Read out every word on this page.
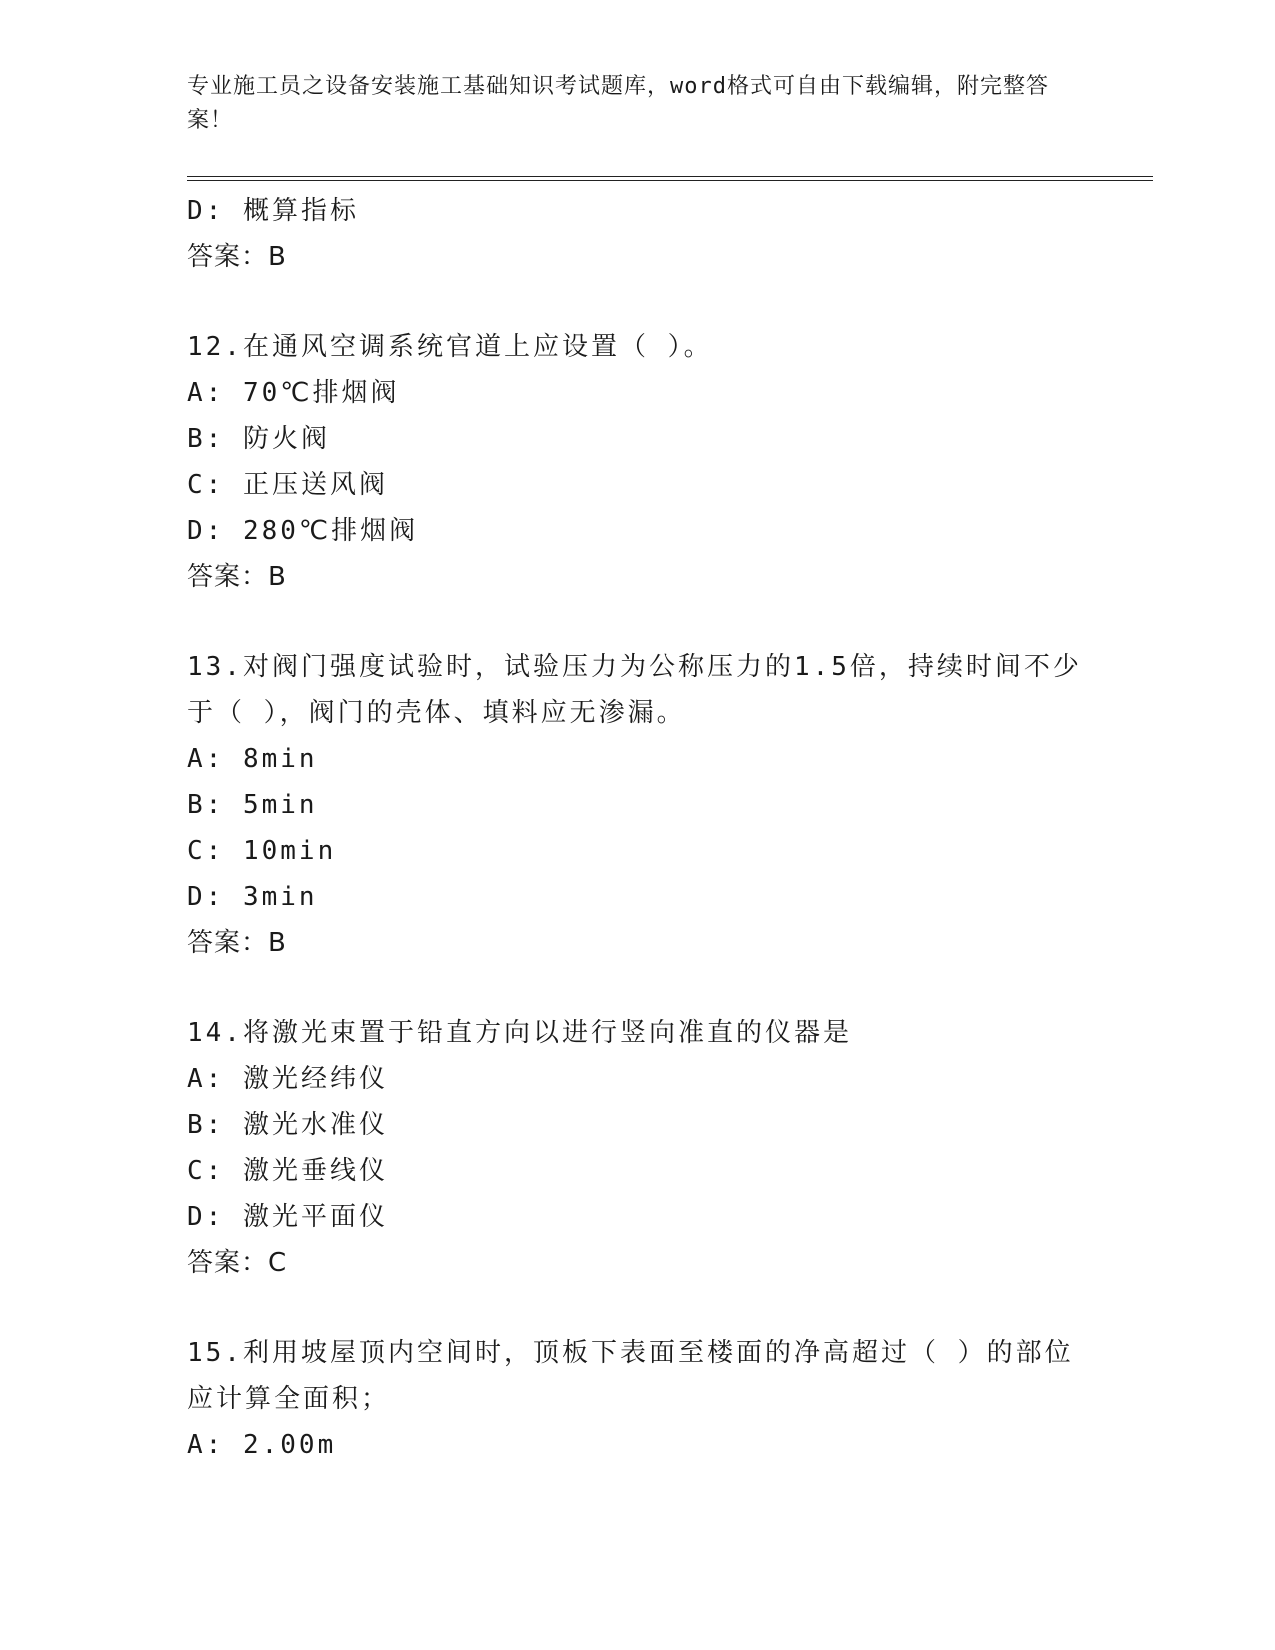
专业施工员之设备安装施工基础知识考试题库，word格式可自由下载编辑，附完整答案！
D: 概算指标
答案：B
12.在通风空调系统官道上应设置（ ）。
A: 70℃排烟阀
B: 防火阀
C: 正压送风阀
D: 280℃排烟阀
答案：B
13.对阀门强度试验时，试验压力为公称压力的1.5倍，持续时间不少
于（ ），阀门的壳体、填料应无渗漏。
A: 8min
B: 5min
C: 10min
D: 3min
答案：B
14.将激光束置于铅直方向以进行竖向准直的仪器是
A: 激光经纬仪
B: 激光水准仪
C: 激光垂线仪
D: 激光平面仪
答案：C
15.利用坡屋顶内空间时，顶板下表面至楼面的净高超过（ ）的部位
应计算全面积；
A: 2.00m
